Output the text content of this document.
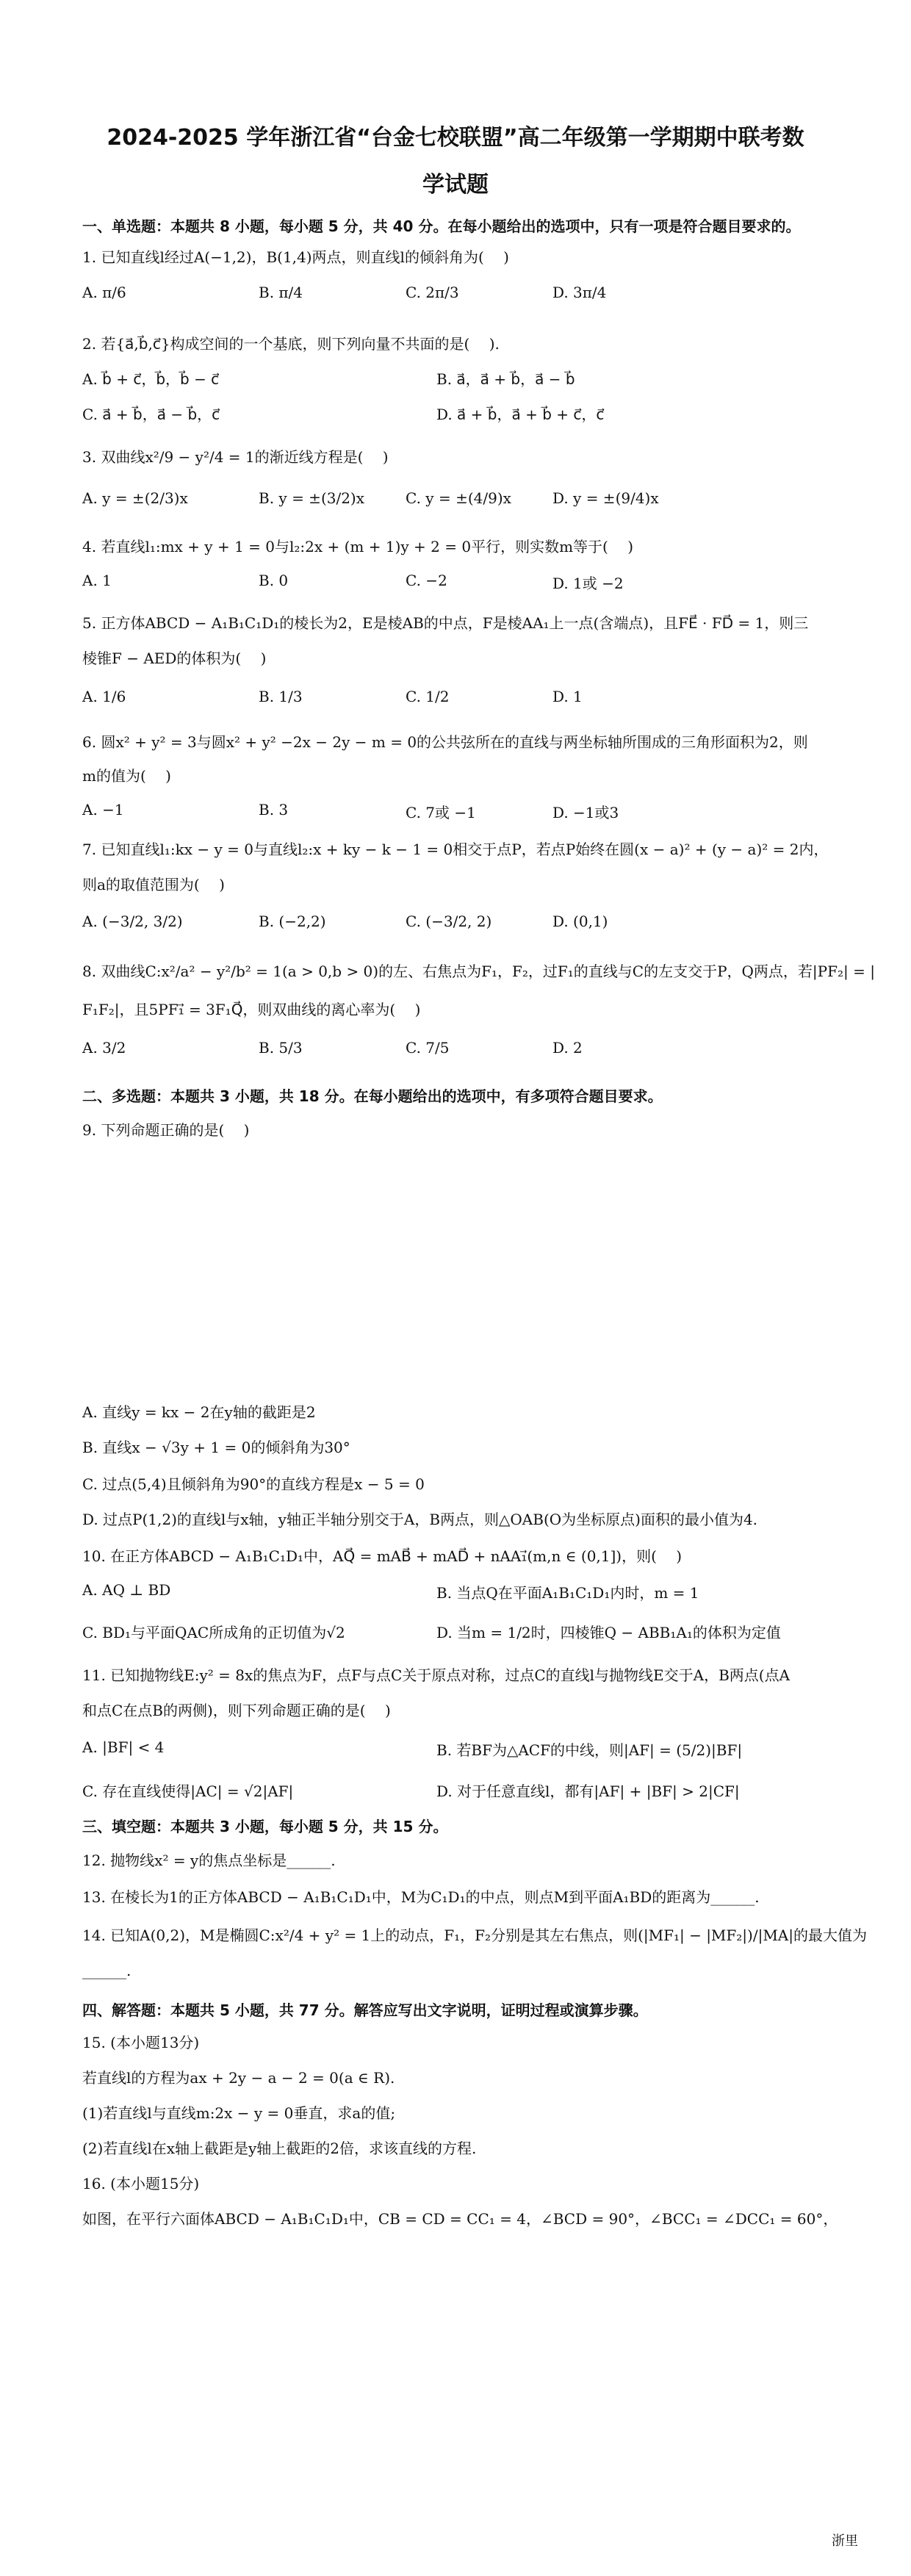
2024-2025 学年浙江省“台金七校联盟”高二年级第一学期期中联考数
学试题
一、单选题：本题共 8 小题，每小题 5 分，共 40 分。在每小题给出的选项中，只有一项是符合题目要求的。
1. 已知直线l经过A(−1,2)，B(1,4)两点，则直线l的倾斜角为(　 )
A. π/6	B. π/4	C. 2π/3	D. 3π/4
2. 若{a⃗,b⃗,c⃗}构成空间的一个基底，则下列向量不共面的是(　 ).
A. b⃗ + c⃗，b⃗，b⃗ − c⃗	B. a⃗，a⃗ + b⃗，a⃗ − b⃗
C. a⃗ + b⃗，a⃗ − b⃗，c⃗	D. a⃗ + b⃗，a⃗ + b⃗ + c⃗，c⃗
3. 双曲线x²/9 − y²/4 = 1的渐近线方程是(　 )
A. y = ±(2/3)x	B. y = ±(3/2)x	C. y = ±(4/9)x	D. y = ±(9/4)x
4. 若直线l₁:mx + y + 1 = 0与l₂:2x + (m + 1)y + 2 = 0平行，则实数m等于(　 )
A. 1	B. 0	C. −2	D. 1或 −2
5. 正方体ABCD − A₁B₁C₁D₁的棱长为2，E是棱AB的中点，F是棱AA₁上一点(含端点)，且FE⃗ · FD⃗ = 1，则三
棱锥F − AED的体积为(　 )
A. 1/6	B. 1/3	C. 1/2	D. 1
6. 圆x² + y² = 3与圆x² + y² −2x − 2y − m = 0的公共弦所在的直线与两坐标轴所围成的三角形面积为2，则
m的值为(　 )
A. −1	B. 3	C. 7或 −1	D. −1或3
7. 已知直线l₁:kx − y = 0与直线l₂:x + ky − k − 1 = 0相交于点P，若点P始终在圆(x − a)² + (y − a)² = 2内，
则a的取值范围为(　 )
A. (−3/2, 3/2)	B. (−2,2)	C. (−3/2, 2)	D. (0,1)
8. 双曲线C:x²/a² − y²/b² = 1(a > 0,b > 0)的左、右焦点为F₁，F₂，过F₁的直线与C的左支交于P，Q两点，若|PF₂| = |
F₁F₂|，且5PF₁⃗ = 3F₁Q⃗，则双曲线的离心率为(　 )
A. 3/2	B. 5/3	C. 7/5	D. 2
二、多选题：本题共 3 小题，共 18 分。在每小题给出的选项中，有多项符合题目要求。
9. 下列命题正确的是(　 )
A. 直线y = kx − 2在y轴的截距是2
B. 直线x − √3y + 1 = 0的倾斜角为30°
C. 过点(5,4)且倾斜角为90°的直线方程是x − 5 = 0
D. 过点P(1,2)的直线l与x轴，y轴正半轴分别交于A，B两点，则△OAB(O为坐标原点)面积的最小值为4.
10. 在正方体ABCD − A₁B₁C₁D₁中，AQ⃗ = mAB⃗ + mAD⃗ + nAA₁⃗(m,n ∈ (0,1])，则(　 )
A. AQ ⊥ BD	B. 当点Q在平面A₁B₁C₁D₁内时，m = 1
C. BD₁与平面QAC所成角的正切值为√2	D. 当m = 1/2时，四棱锥Q − ABB₁A₁的体积为定值
11. 已知抛物线E:y² = 8x的焦点为F，点F与点C关于原点对称，过点C的直线l与抛物线E交于A，B两点(点A
和点C在点B的两侧)，则下列命题正确的是(　 )
A. |BF| < 4	B. 若BF为△ACF的中线，则|AF| = (5/2)|BF|
C. 存在直线使得|AC| = √2|AF|	D. 对于任意直线l，都有|AF| + |BF| > 2|CF|
三、填空题：本题共 3 小题，每小题 5 分，共 15 分。
12. 抛物线x² = y的焦点坐标是______.
13. 在棱长为1的正方体ABCD − A₁B₁C₁D₁中，M为C₁D₁的中点，则点M到平面A₁BD的距离为______.
14. 已知A(0,2)，M是椭圆C:x²/4 + y² = 1上的动点，F₁，F₂分别是其左右焦点，则(|MF₁| − |MF₂|)/|MA|的最大值为
______.
四、解答题：本题共 5 小题，共 77 分。解答应写出文字说明，证明过程或演算步骤。
15. (本小题13分)
若直线l的方程为ax + 2y − a − 2 = 0(a ∈ R).
(1)若直线l与直线m:2x − y = 0垂直，求a的值;
(2)若直线l在x轴上截距是y轴上截距的2倍，求该直线的方程.
16. (本小题15分)
如图，在平行六面体ABCD − A₁B₁C₁D₁中，CB = CD = CC₁ = 4，∠BCD = 90°，∠BCC₁ = ∠DCC₁ = 60°，
浙里
